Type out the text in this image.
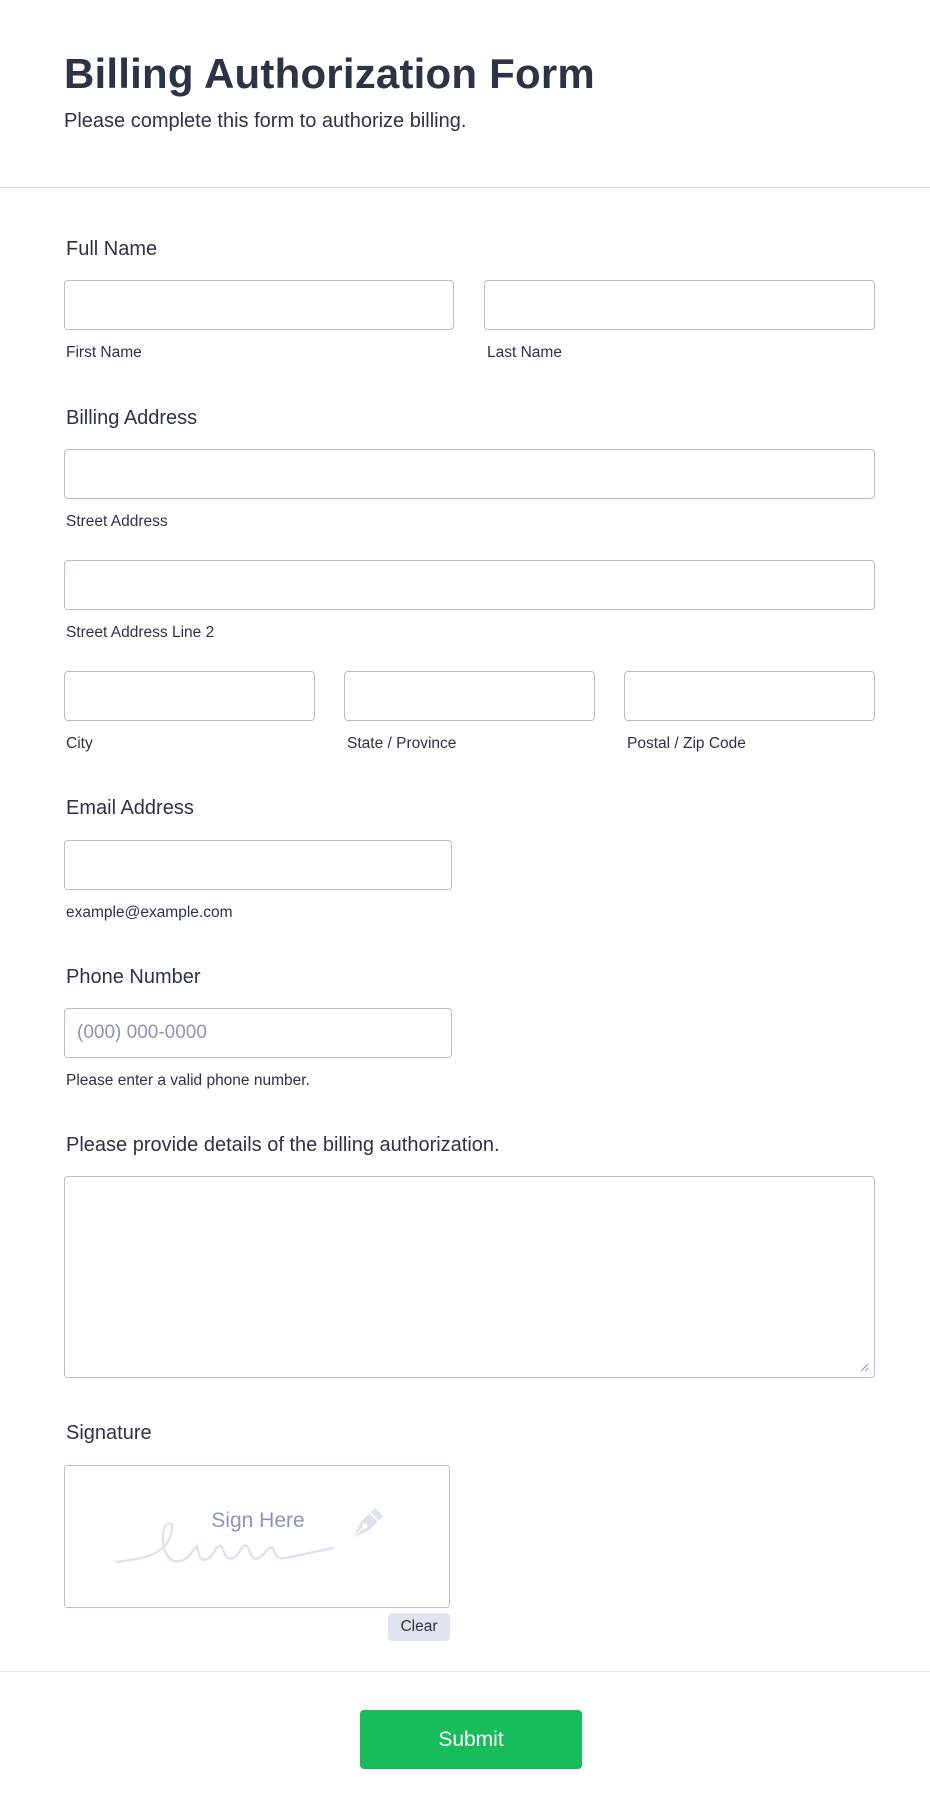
Billing Authorization Form

Please complete this form to authorize billing.

Full Name

First Name	Last Name

Billing Address

Street Address

Street Address Line 2

City	State / Province	Postal / Zip Code

Email Address

example@example.com

Phone Number

(000) 000-0000

Please enter a valid phone number.

Please provide details of the billing authorization.

Signature

Sign Here
Clear
Submit
